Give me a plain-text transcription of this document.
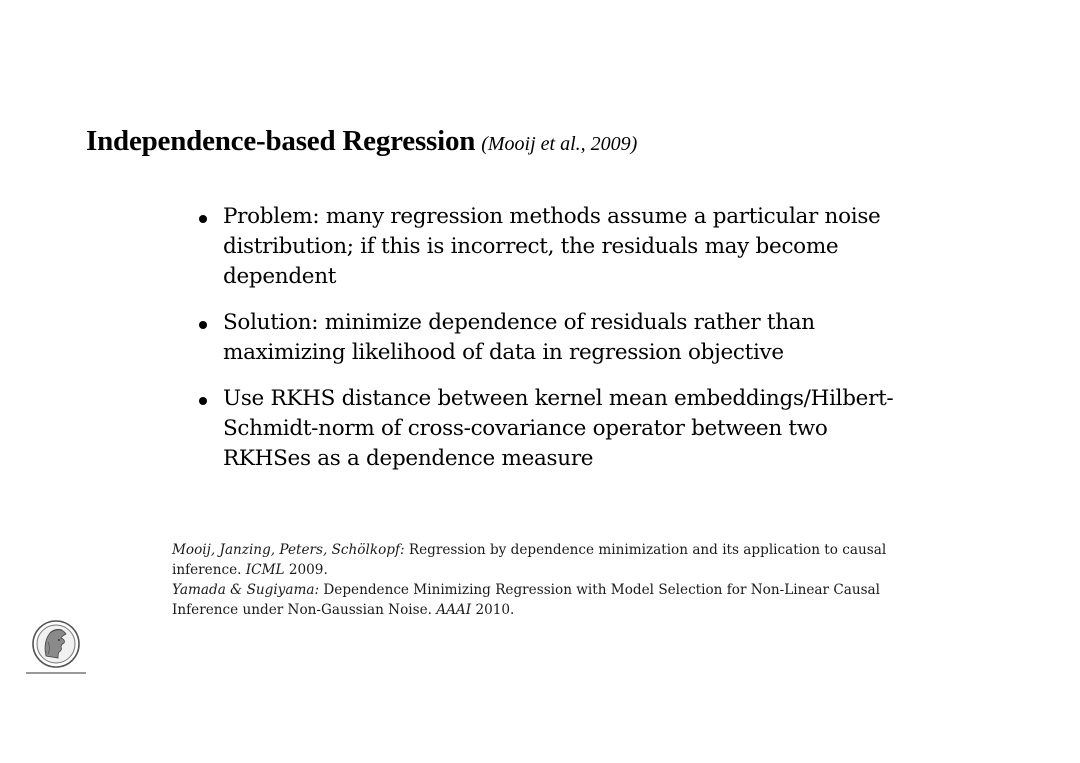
Independence-based Regression (Mooij et al., 2009)
Problem: many regression methods assume a particular noise distribution; if this is incorrect, the residuals may become dependent
Solution: minimize dependence of residuals rather than maximizing likelihood of data in regression objective
Use RKHS distance between kernel mean embeddings/Hilbert-Schmidt-norm of cross-covariance operator between two RKHSes as a dependence measure

Mooij, Janzing, Peters, Schölkopf: Regression by dependence minimization and its application to causal inference. ICML 2009.

Yamada & Sugiyama: Dependence Minimizing Regression with Model Selection for Non-Linear Causal Inference under Non-Gaussian Noise. AAAI 2010.
